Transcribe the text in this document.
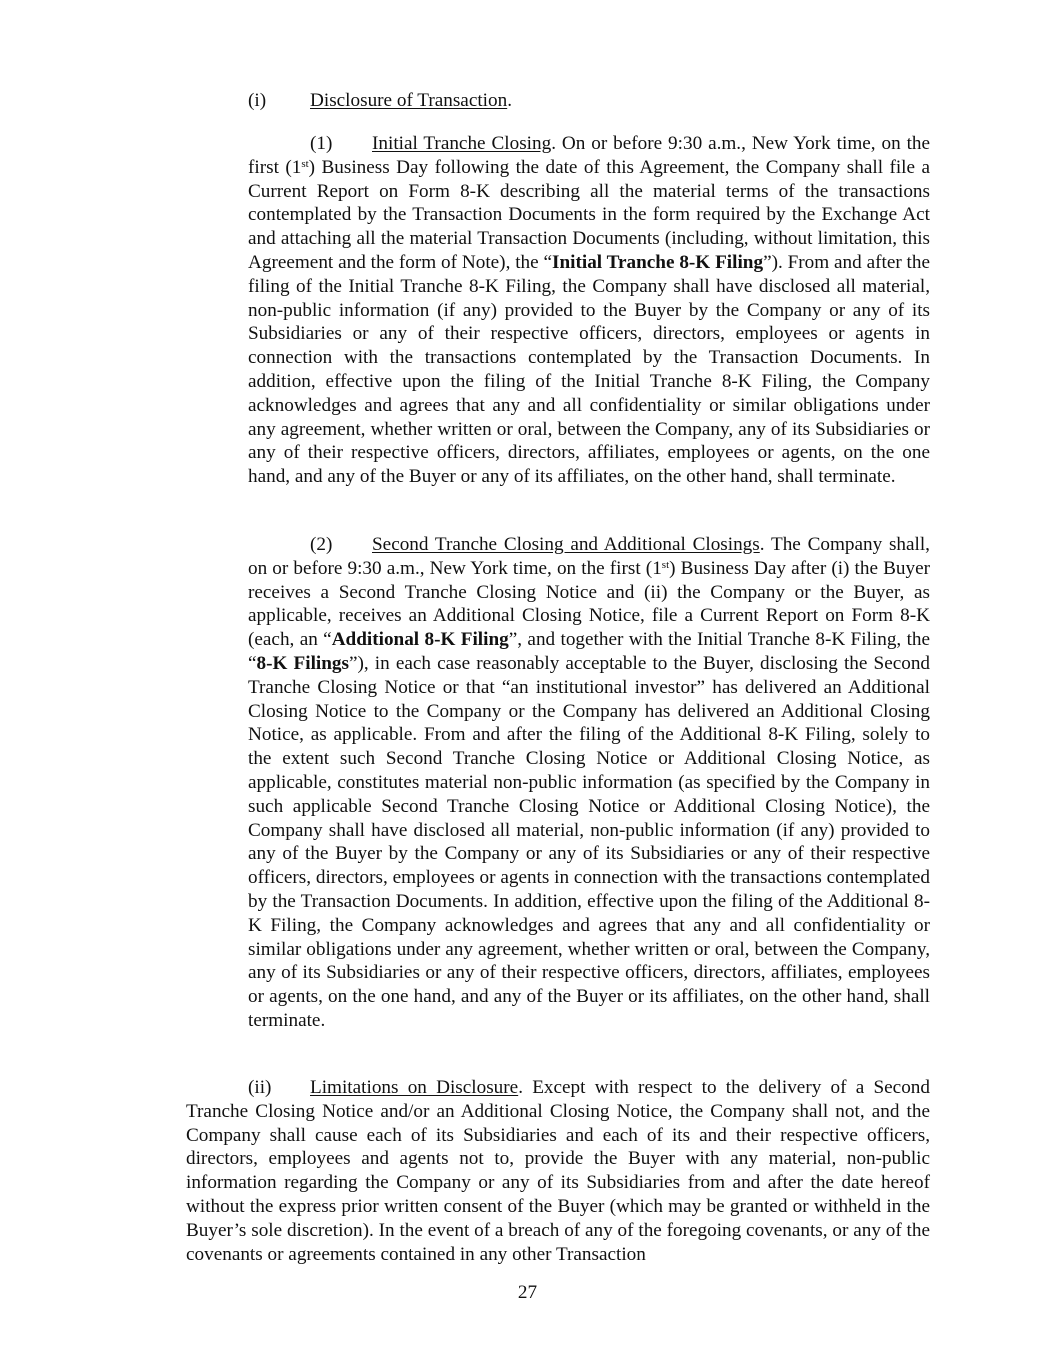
(i) Disclosure of Transaction.

(1) Initial Tranche Closing. On or before 9:30 a.m., New York time, on the first (1st) Business Day following the date of this Agreement, the Company shall file a Current Report on Form 8-K describing all the material terms of the transactions contemplated by the Transaction Documents in the form required by the Exchange Act and attaching all the material Transaction Documents (including, without limitation, this Agreement and the form of Note), the “Initial Tranche 8-K Filing”). From and after the filing of the Initial Tranche 8-K Filing, the Company shall have disclosed all material, non-public information (if any) provided to the Buyer by the Company or any of its Subsidiaries or any of their respective officers, directors, employees or agents in connection with the transactions contemplated by the Transaction Documents. In addition, effective upon the filing of the Initial Tranche 8-K Filing, the Company acknowledges and agrees that any and all confidentiality or similar obligations under any agreement, whether written or oral, between the Company, any of its Subsidiaries or any of their respective officers, directors, affiliates, employees or agents, on the one hand, and any of the Buyer or any of its affiliates, on the other hand, shall terminate.

(2) Second Tranche Closing and Additional Closings. The Company shall, on or before 9:30 a.m., New York time, on the first (1st) Business Day after (i) the Buyer receives a Second Tranche Closing Notice and (ii) the Company or the Buyer, as applicable, receives an Additional Closing Notice, file a Current Report on Form 8-K (each, an “Additional 8-K Filing”, and together with the Initial Tranche 8-K Filing, the “8-K Filings”), in each case reasonably acceptable to the Buyer, disclosing the Second Tranche Closing Notice or that “an institutional investor” has delivered an Additional Closing Notice to the Company or the Company has delivered an Additional Closing Notice, as applicable. From and after the filing of the Additional 8-K Filing, solely to the extent such Second Tranche Closing Notice or Additional Closing Notice, as applicable, constitutes material non-public information (as specified by the Company in such applicable Second Tranche Closing Notice or Additional Closing Notice), the Company shall have disclosed all material, non-public information (if any) provided to any of the Buyer by the Company or any of its Subsidiaries or any of their respective officers, directors, employees or agents in connection with the transactions contemplated by the Transaction Documents. In addition, effective upon the filing of the Additional 8-K Filing, the Company acknowledges and agrees that any and all confidentiality or similar obligations under any agreement, whether written or oral, between the Company, any of its Subsidiaries or any of their respective officers, directors, affiliates, employees or agents, on the one hand, and any of the Buyer or its affiliates, on the other hand, shall terminate.

(ii) Limitations on Disclosure. Except with respect to the delivery of a Second Tranche Closing Notice and/or an Additional Closing Notice, the Company shall not, and the Company shall cause each of its Subsidiaries and each of its and their respective officers, directors, employees and agents not to, provide the Buyer with any material, non-public information regarding the Company or any of its Subsidiaries from and after the date hereof without the express prior written consent of the Buyer (which may be granted or withheld in the Buyer’s sole discretion). In the event of a breach of any of the foregoing covenants, or any of the covenants or agreements contained in any other Transaction

27
